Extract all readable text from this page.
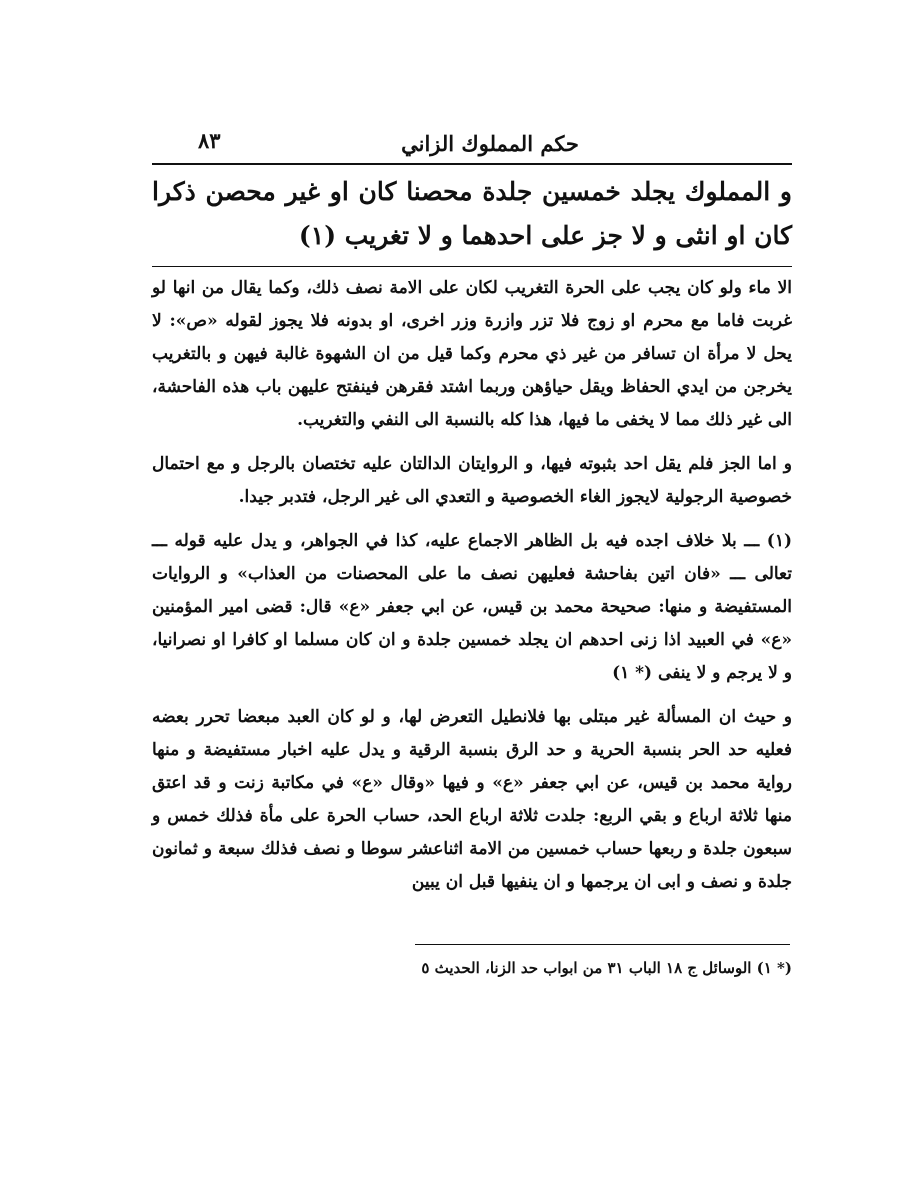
حكم المملوك الزاني
٨٣
و المملوك يجلد خمسين جلدة محصنا كان او غير محصن ذكرا كان او انثى و لا جز على احدهما و لا تغريب (١)

الا ماء ولو كان يجب على الحرة التغريب لكان على الامة نصف ذلك، وكما يقال من انها لو غربت فاما مع محرم او زوج فلا تزر وازرة وزر اخرى، او بدونه فلا يجوز لقوله «ص»: لا يحل لا مرأة ان تسافر من غير ذي محرم وكما قيل من ان الشهوة غالبة فيهن و بالتغريب يخرجن من ايدي الحفاظ ويقل حياؤهن وربما اشتد فقرهن فينفتح عليهن باب هذه الفاحشة، الى غير ذلك مما لا يخفى ما فيها، هذا كله بالنسبة الى النفي والتغريب.

و اما الجز فلم يقل احد بثبوته فيها، و الروايتان الدالتان عليه تختصان بالرجل و مع احتمال خصوصية الرجولية لايجوز الغاء الخصوصية و التعدي الى غير الرجل، فتدبر جيدا.

(١) ـــ بلا خلاف اجده فيه بل الظاهر الاجماع عليه، كذا في الجواهر، و يدل عليه قوله ـــ تعالى ـــ «فان اتين بفاحشة فعليهن نصف ما على المحصنات من العذاب» و الروايات المستفيضة و منها: صحيحة محمد بن قيس، عن ابي جعفر «ع» قال: قضى امير المؤمنين «ع» في العبيد اذا زنى احدهم ان يجلد خمسين جلدة و ان كان مسلما او كافرا او نصرانيا، و لا يرجم و لا ينفى (* ١)

و حيث ان المسألة غير مبتلى بها فلانطيل التعرض لها، و لو كان العبد مبعضا تحرر بعضه فعليه حد الحر بنسبة الحرية و حد الرق بنسبة الرقية و يدل عليه اخبار مستفيضة و منها رواية محمد بن قيس، عن ابي جعفر «ع» و فيها «وقال «ع» في مكاتبة زنت و قد اعتق منها ثلاثة ارباع و بقي الربع: جلدت ثلاثة ارباع الحد، حساب الحرة على مأة فذلك خمس و سبعون جلدة و ربعها حساب خمسين من الامة اثناعشر سوطا و نصف فذلك سبعة و ثمانون جلدة و نصف و ابى ان يرجمها و ان ينفيها قبل ان يبين

(* ١) الوسائل ج ١٨ الباب ٣١ من ابواب حد الزنا، الحديث ٥
